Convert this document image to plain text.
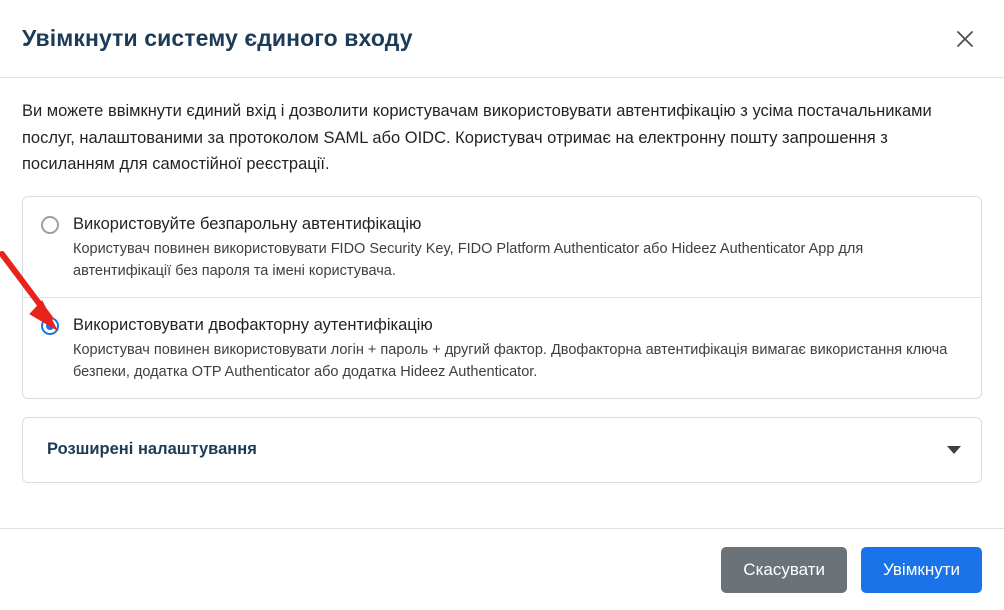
Увімкнути систему єдиного входу

Ви можете ввімкнути єдиний вхід і дозволити користувачам використовувати автентифікацію з усіма постачальниками послуг, налаштованими за протоколом SAML або OIDC. Користувач отримає на електронну пошту запрошення з посиланням для самостійної реєстрації.

Використовуйте безпарольну автентифікацію
Користувач повинен використовувати FIDO Security Key, FIDO Platform Authenticator або Hideez Authenticator App для автентифікації без пароля та імені користувача.
Використовувати двофакторну аутентифікацію
Користувач повинен використовувати логін + пароль + другий фактор. Двофакторна автентифікація вимагає використання ключа безпеки, додатка OTP Authenticator або додатка Hideez Authenticator.
Розширені налаштування
Скасувати	Увімкнути
